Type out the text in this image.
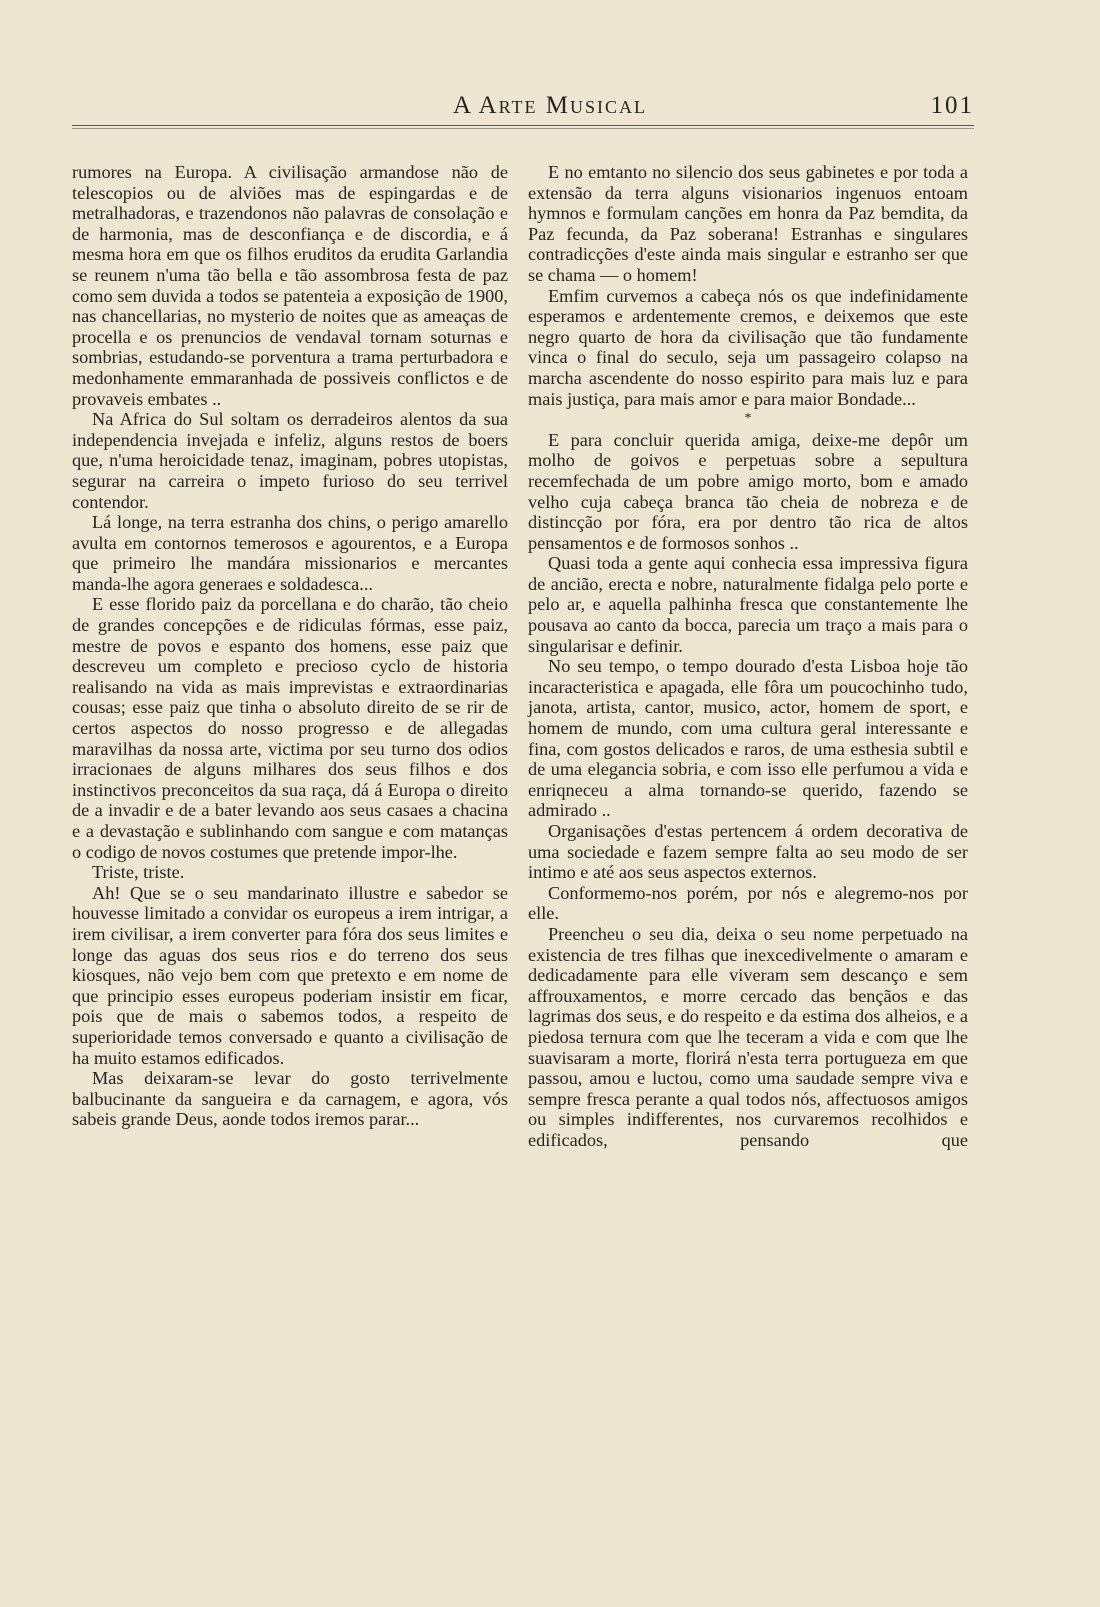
A Arte Musical	101

rumores na Europa. A civilisação armandose não de telescopios ou de alviões mas de espingardas e de metralhadoras, e trazendonos não palavras de consolação e de harmonia, mas de desconfiança e de discordia, e á mesma hora em que os filhos eruditos da erudita Garlandia se reunem n'uma tão bella e tão assombrosa festa de paz como sem duvida a todos se patenteia a exposição de 1900, nas chancellarias, no mysterio de noites que as ameaças de procella e os prenuncios de vendaval tornam soturnas e sombrias, estudando-se porventura a trama perturbadora e medonhamente emmaranhada de possiveis conflictos e de provaveis embates ..

Na Africa do Sul soltam os derradeiros alentos da sua independencia invejada e infeliz, alguns restos de boers que, n'uma heroicidade tenaz, imaginam, pobres utopistas, segurar na carreira o impeto furioso do seu terrivel contendor.

Lá longe, na terra estranha dos chins, o perigo amarello avulta em contornos temerosos e agourentos, e a Europa que primeiro lhe mandára missionarios e mercantes manda-lhe agora generaes e soldadesca...

E esse florido paiz da porcellana e do charão, tão cheio de grandes concepções e de ridiculas fórmas, esse paiz, mestre de povos e espanto dos homens, esse paiz que descreveu um completo e precioso cyclo de historia realisando na vida as mais imprevistas e extraordinarias cousas; esse paiz que tinha o absoluto direito de se rir de certos aspectos do nosso progresso e de allegadas maravilhas da nossa arte, victima por seu turno dos odios irracionaes de alguns milhares dos seus filhos e dos instinctivos preconceitos da sua raça, dá á Europa o direito de a invadir e de a bater levando aos seus casaes a chacina e a devastação e sublinhando com sangue e com matanças o codigo de novos costumes que pretende impor-lhe.

Triste, triste.

Ah! Que se o seu mandarinato illustre e sabedor se houvesse limitado a convidar os europeus a irem intrigar, a irem civilisar, a irem converter para fóra dos seus limites e longe das aguas dos seus rios e do terreno dos seus kiosques, não vejo bem com que pretexto e em nome de que principio esses europeus poderiam insistir em ficar, pois que de mais o sabemos todos, a respeito de superioridade temos conversado e quanto a civilisação de ha muito estamos edificados.

Mas deixaram-se levar do gosto terrivelmente balbucinante da sangueira e da carnagem, e agora, vós sabeis grande Deus, aonde todos iremos parar...

E no emtanto no silencio dos seus gabinetes e por toda a extensão da terra alguns visionarios ingenuos entoam hymnos e formulam canções em honra da Paz bemdita, da Paz fecunda, da Paz soberana! Estranhas e singulares contradicções d'este ainda mais singular e estranho ser que se chama — o homem!

Emfim curvemos a cabeça nós os que indefinidamente esperamos e ardentemente cremos, e deixemos que este negro quarto de hora da civilisação que tão fundamente vinca o final do seculo, seja um passageiro colapso na marcha ascendente do nosso espirito para mais luz e para mais justiça, para mais amor e para maior Bondade...

*

E para concluir querida amiga, deixe-me depôr um molho de goivos e perpetuas sobre a sepultura recemfechada de um pobre amigo morto, bom e amado velho cuja cabeça branca tão cheia de nobreza e de distincção por fóra, era por dentro tão rica de altos pensamentos e de formosos sonhos ..

Quasi toda a gente aqui conhecia essa impressiva figura de ancião, erecta e nobre, naturalmente fidalga pelo porte e pelo ar, e aquella palhinha fresca que constantemente lhe pousava ao canto da bocca, parecia um traço a mais para o singularisar e definir.

No seu tempo, o tempo dourado d'esta Lisboa hoje tão incaracteristica e apagada, elle fôra um poucochinho tudo, janota, artista, cantor, musico, actor, homem de sport, e homem de mundo, com uma cultura geral interessante e fina, com gostos delicados e raros, de uma esthesia subtil e de uma elegancia sobria, e com isso elle perfumou a vida e enriqneceu a alma tornando-se querido, fazendo se admirado ..

Organisações d'estas pertencem á ordem decorativa de uma sociedade e fazem sempre falta ao seu modo de ser intimo e até aos seus aspectos externos.

Conformemo-nos porém, por nós e alegremo-nos por elle.

Preencheu o seu dia, deixa o seu nome perpetuado na existencia de tres filhas que inexcedivelmente o amaram e dedicadamente para elle viveram sem descanço e sem affrouxamentos, e morre cercado das bençãos e das lagrimas dos seus, e do respeito e da estima dos alheios, e a piedosa ternura com que lhe teceram a vida e com que lhe suavisaram a morte, florirá n'esta terra portugueza em que passou, amou e luctou, como uma saudade sempre viva e sempre fresca perante a qual todos nós, affectuosos amigos ou simples indifferentes, nos curvaremos recolhidos e edificados, pensando que
